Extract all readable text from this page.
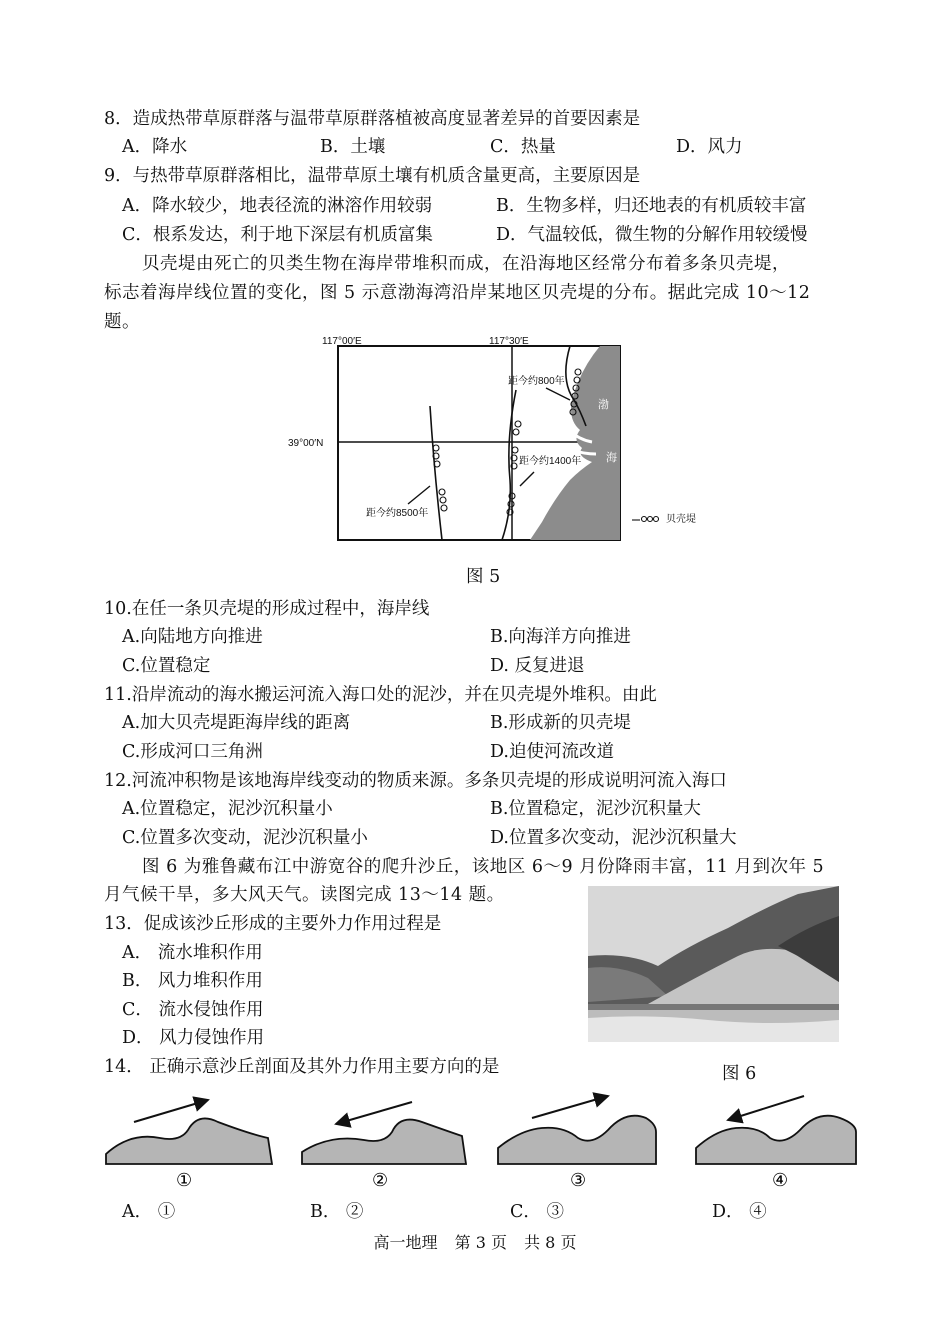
8．造成热带草原群落与温带草原群落植被高度显著差异的首要因素是
A．降水	B．土壤	C．热量	D．风力
9．与热带草原群落相比，温带草原土壤有机质含量更高，主要原因是
A．降水较少，地表径流的淋溶作用较弱	B．生物多样，归还地表的有机质较丰富
C．根系发达，利于地下深层有机质富集	D．气温较低，微生物的分解作用较缓慢
贝壳堤由死亡的贝类生物在海岸带堆积而成，在沿海地区经常分布着多条贝壳堤，
标志着海岸线位置的变化，图 5 示意渤海湾沿岸某地区贝壳堤的分布。据此完成 10～12
题。
117°00′E	117°30′E
39°00′N
渤
海
距今约800年
距今约1400年
距今约8500年
贝壳堤
图 5
10.在任一条贝壳堤的形成过程中，海岸线
A.向陆地方向推进	B.向海洋方向推进
C.位置稳定	D. 反复进退
11.沿岸流动的海水搬运河流入海口处的泥沙，并在贝壳堤外堆积。由此
A.加大贝壳堤距海岸线的距离	B.形成新的贝壳堤
C.形成河口三角洲	D.迫使河流改道
12.河流冲积物是该地海岸线变动的物质来源。多条贝壳堤的形成说明河流入海口
A.位置稳定，泥沙沉积量小	B.位置稳定，泥沙沉积量大
C.位置多次变动，泥沙沉积量小	D.位置多次变动，泥沙沉积量大
图 6 为雅鲁藏布江中游宽谷的爬升沙丘，该地区 6～9 月份降雨丰富，11 月到次年 5
月气候干旱，多大风天气。读图完成 13～14 题。
13．促成该沙丘形成的主要外力作用过程是
A． 流水堆积作用
B． 风力堆积作用
C． 流水侵蚀作用
D． 风力侵蚀作用
图 6
14． 正确示意沙丘剖面及其外力作用主要方向的是
①	②	③	④
A． ①	B． ②	C． ③	D． ④
高一地理 第 3 页 共 8 页
